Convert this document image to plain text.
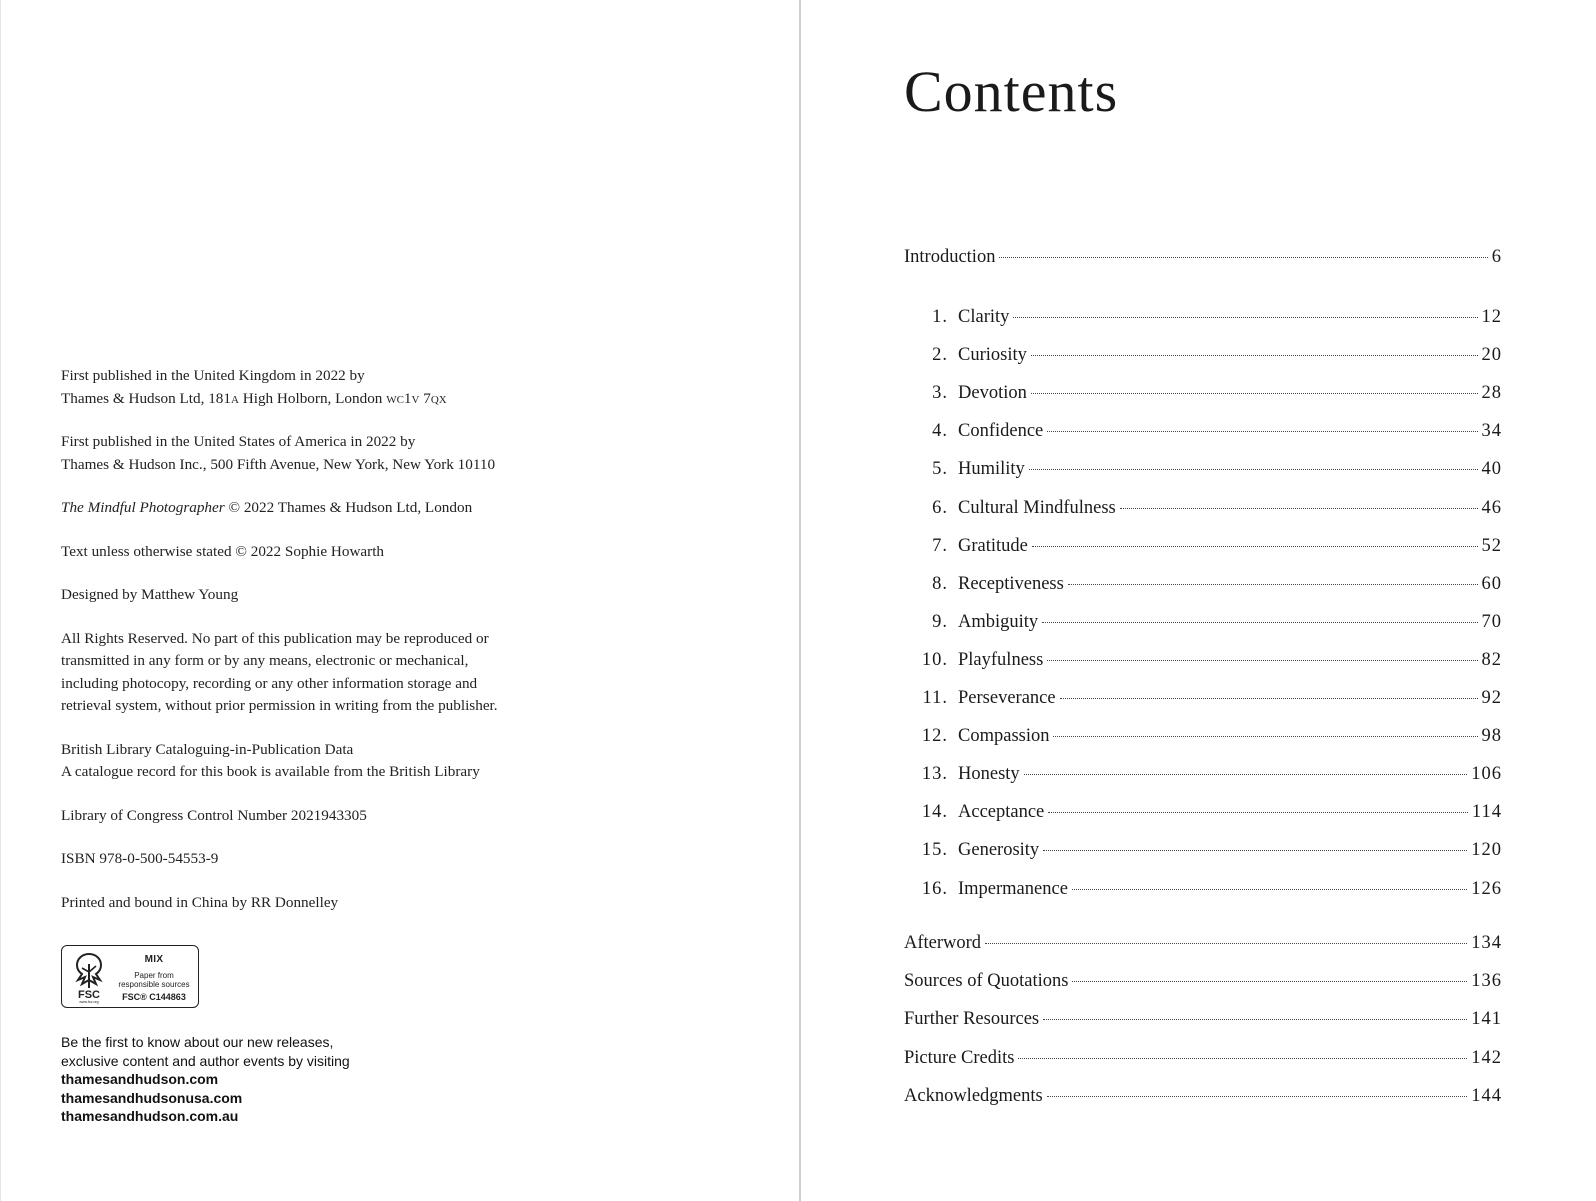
First published in the United Kingdom in 2022 by
Thames & Hudson Ltd, 181a High Holborn, London wc1v 7qx

First published in the United States of America in 2022 by
Thames & Hudson Inc., 500 Fifth Avenue, New York, New York 10110

The Mindful Photographer © 2022 Thames & Hudson Ltd, London

Text unless otherwise stated © 2022 Sophie Howarth

Designed by Matthew Young

All Rights Reserved. No part of this publication may be reproduced or
transmitted in any form or by any means, electronic or mechanical,
including photocopy, recording or any other information storage and
retrieval system, without prior permission in writing from the publisher.

British Library Cataloguing-in-Publication Data
A catalogue record for this book is available from the British Library

Library of Congress Control Number 2021943305

ISBN 978-0-500-54553-9

Printed and bound in China by RR Donnelley

FSC
www.fsc.org
MIX
Paper from
responsible sources
FSC® C144863
Be the first to know about our new releases,
exclusive content and author events by visiting
thamesandhudson.com
thamesandhudsonusa.com
thamesandhudson.com.au
Contents
Introduction	6
1. Clarity	12
2. Curiosity	20
3. Devotion	28
4. Confidence	34
5. Humility	40
6. Cultural Mindfulness	46
7. Gratitude	52
8. Receptiveness	60
9. Ambiguity	70
10. Playfulness	82
11. Perseverance	92
12. Compassion	98
13. Honesty	106
14. Acceptance	114
15. Generosity	120
16. Impermanence	126
Afterword	134
Sources of Quotations	136
Further Resources	141
Picture Credits	142
Acknowledgments	144
